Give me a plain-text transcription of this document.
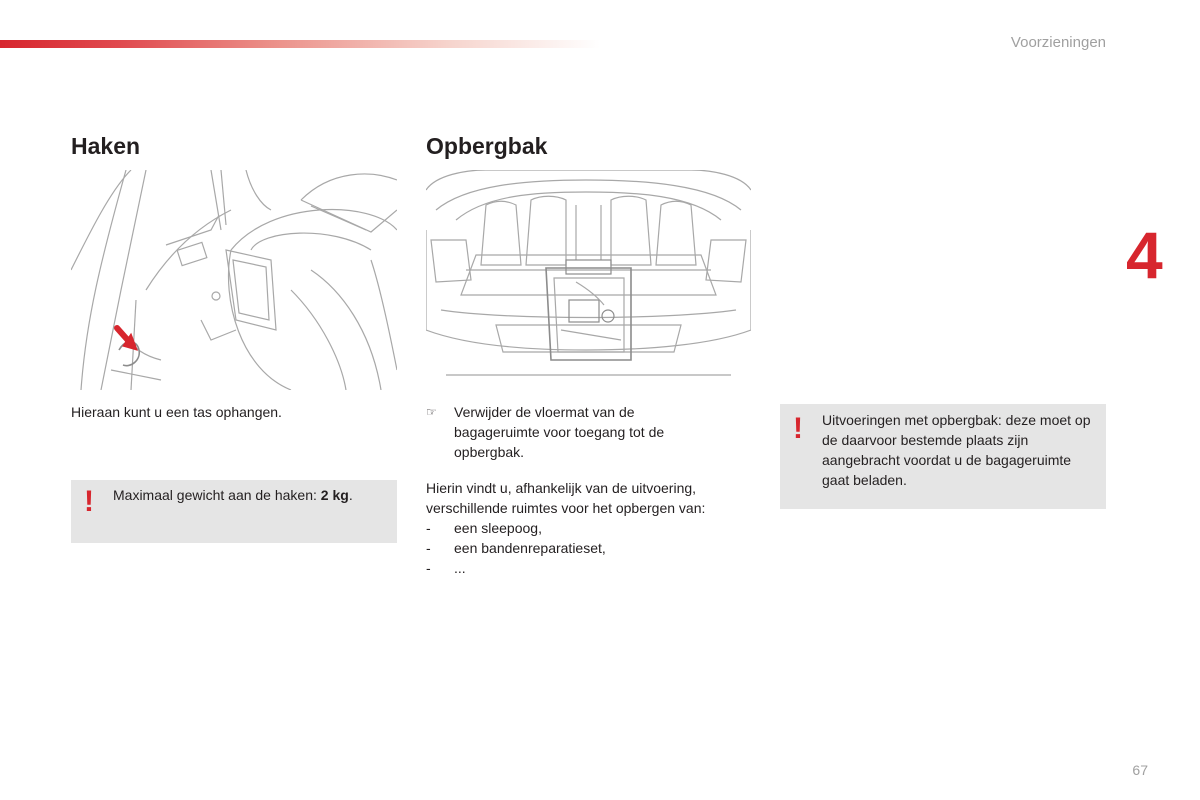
Voorzieningen
4
Haken
Hieraan kunt u een tas ophangen.
! Maximaal gewicht aan de haken: 2 kg.
Opbergbak
☞ Verwijder de vloermat van de bagageruimte voor toegang tot de opbergbak.
Hierin vindt u, afhankelijk van de uitvoering, verschillende ruimtes voor het opbergen van:
- een sleepoog,
- een bandenreparatieset,
- ...
! Uitvoeringen met opbergbak: deze moet op de daarvoor bestemde plaats zijn aangebracht voordat u de bagageruimte gaat beladen.
67
